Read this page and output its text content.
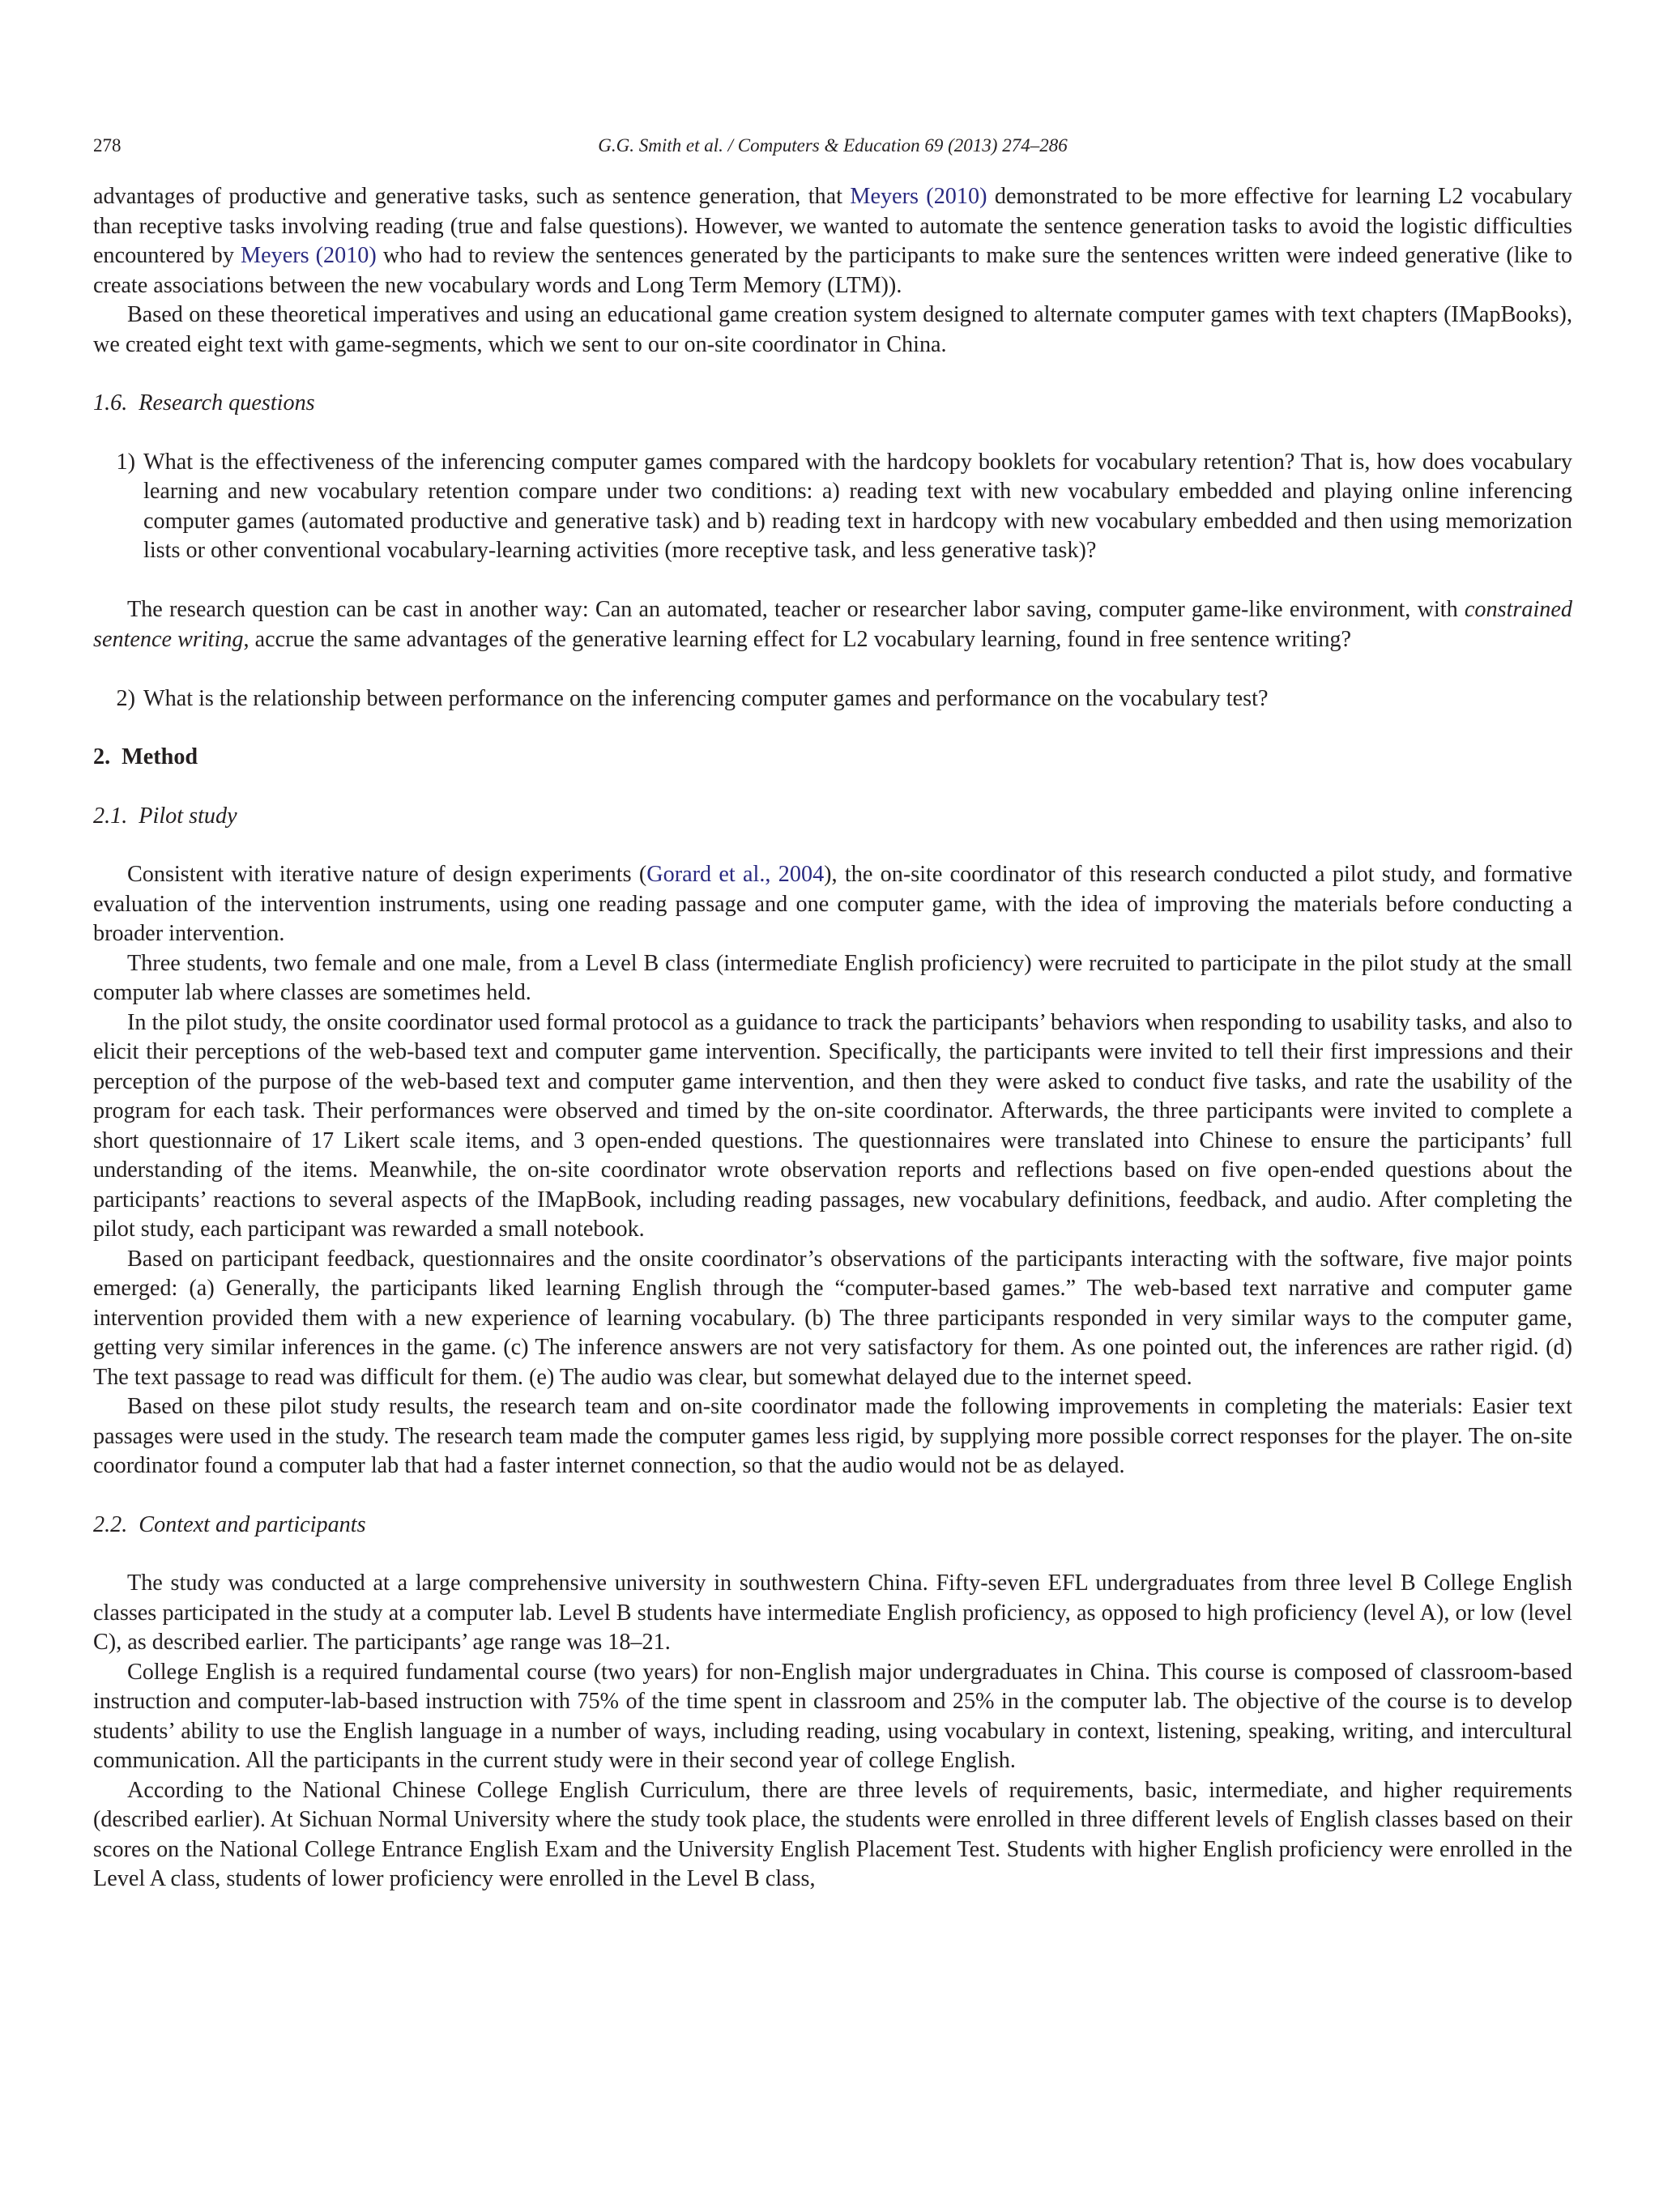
278	G.G. Smith et al. / Computers & Education 69 (2013) 274–286

advantages of productive and generative tasks, such as sentence generation, that Meyers (2010) demonstrated to be more effective for learning L2 vocabulary than receptive tasks involving reading (true and false questions). However, we wanted to automate the sentence generation tasks to avoid the logistic difficulties encountered by Meyers (2010) who had to review the sentences generated by the participants to make sure the sentences written were indeed generative (like to create associations between the new vocabulary words and Long Term Memory (LTM)).

Based on these theoretical imperatives and using an educational game creation system designed to alternate computer games with text chapters (IMapBooks), we created eight text with game-segments, which we sent to our on-site coordinator in China.

1.6. Research questions
1) What is the effectiveness of the inferencing computer games compared with the hardcopy booklets for vocabulary retention? That is, how does vocabulary learning and new vocabulary retention compare under two conditions: a) reading text with new vocabulary embedded and playing online inferencing computer games (automated productive and generative task) and b) reading text in hardcopy with new vocabulary embedded and then using memorization lists or other conventional vocabulary-learning activities (more receptive task, and less generative task)?

The research question can be cast in another way: Can an automated, teacher or researcher labor saving, computer game-like environment, with constrained sentence writing, accrue the same advantages of the generative learning effect for L2 vocabulary learning, found in free sentence writing?

2) What is the relationship between performance on the inferencing computer games and performance on the vocabulary test?
2. Method
2.1. Pilot study

Consistent with iterative nature of design experiments (Gorard et al., 2004), the on-site coordinator of this research conducted a pilot study, and formative evaluation of the intervention instruments, using one reading passage and one computer game, with the idea of improving the materials before conducting a broader intervention.

Three students, two female and one male, from a Level B class (intermediate English proficiency) were recruited to participate in the pilot study at the small computer lab where classes are sometimes held.

In the pilot study, the onsite coordinator used formal protocol as a guidance to track the participants’ behaviors when responding to usability tasks, and also to elicit their perceptions of the web-based text and computer game intervention. Specifically, the participants were invited to tell their first impressions and their perception of the purpose of the web-based text and computer game intervention, and then they were asked to conduct five tasks, and rate the usability of the program for each task. Their performances were observed and timed by the on-site coordinator. Afterwards, the three participants were invited to complete a short questionnaire of 17 Likert scale items, and 3 open-ended questions. The questionnaires were translated into Chinese to ensure the participants’ full understanding of the items. Meanwhile, the on-site coordinator wrote observation reports and reflections based on five open-ended questions about the participants’ reactions to several aspects of the IMapBook, including reading passages, new vocabulary definitions, feedback, and audio. After completing the pilot study, each participant was rewarded a small notebook.

Based on participant feedback, questionnaires and the onsite coordinator’s observations of the participants interacting with the software, five major points emerged: (a) Generally, the participants liked learning English through the “computer-based games.” The web-based text narrative and computer game intervention provided them with a new experience of learning vocabulary. (b) The three participants responded in very similar ways to the computer game, getting very similar inferences in the game. (c) The inference answers are not very satisfactory for them. As one pointed out, the inferences are rather rigid. (d) The text passage to read was difficult for them. (e) The audio was clear, but somewhat delayed due to the internet speed.

Based on these pilot study results, the research team and on-site coordinator made the following improvements in completing the materials: Easier text passages were used in the study. The research team made the computer games less rigid, by supplying more possible correct responses for the player. The on-site coordinator found a computer lab that had a faster internet connection, so that the audio would not be as delayed.

2.2. Context and participants

The study was conducted at a large comprehensive university in southwestern China. Fifty-seven EFL undergraduates from three level B College English classes participated in the study at a computer lab. Level B students have intermediate English proficiency, as opposed to high proficiency (level A), or low (level C), as described earlier. The participants’ age range was 18–21.

College English is a required fundamental course (two years) for non-English major undergraduates in China. This course is composed of classroom-based instruction and computer-lab-based instruction with 75% of the time spent in classroom and 25% in the computer lab. The objective of the course is to develop students’ ability to use the English language in a number of ways, including reading, using vocabulary in context, listening, speaking, writing, and intercultural communication. All the participants in the current study were in their second year of college English.

According to the National Chinese College English Curriculum, there are three levels of requirements, basic, intermediate, and higher requirements (described earlier). At Sichuan Normal University where the study took place, the students were enrolled in three different levels of English classes based on their scores on the National College Entrance English Exam and the University English Placement Test. Students with higher English proficiency were enrolled in the Level A class, students of lower proficiency were enrolled in the Level B class,
